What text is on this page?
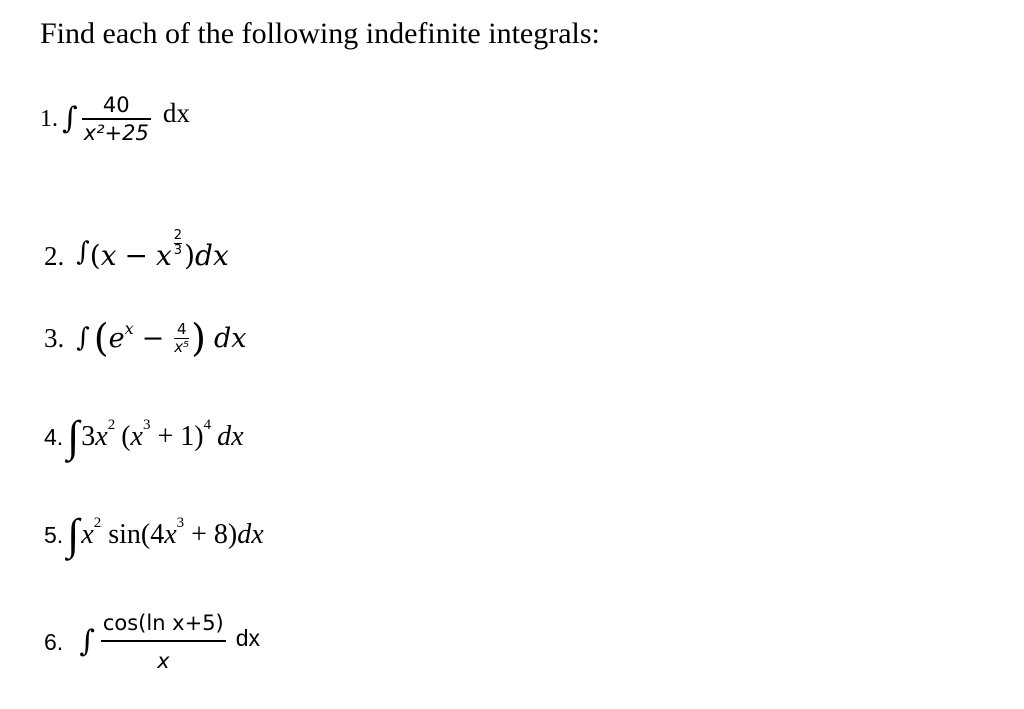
Find each of the following indefinite integrals:
1. ∫ $\frac{40}{\text{x²+25}}$ dx
2. ∫ ( x − x $\frac{2}{3}$ ) dx
3. ∫ ( e $x - \frac{4}{\text{x⁵}}$ ) dx
4. ∫ 3 x 2 ( x 3 + 1) 4 dx
5. ∫ x 2 sin(4 x 3 + 8) dx
6. ∫ $\frac{\text{cos(ln x+5)}}{x}$ dx
